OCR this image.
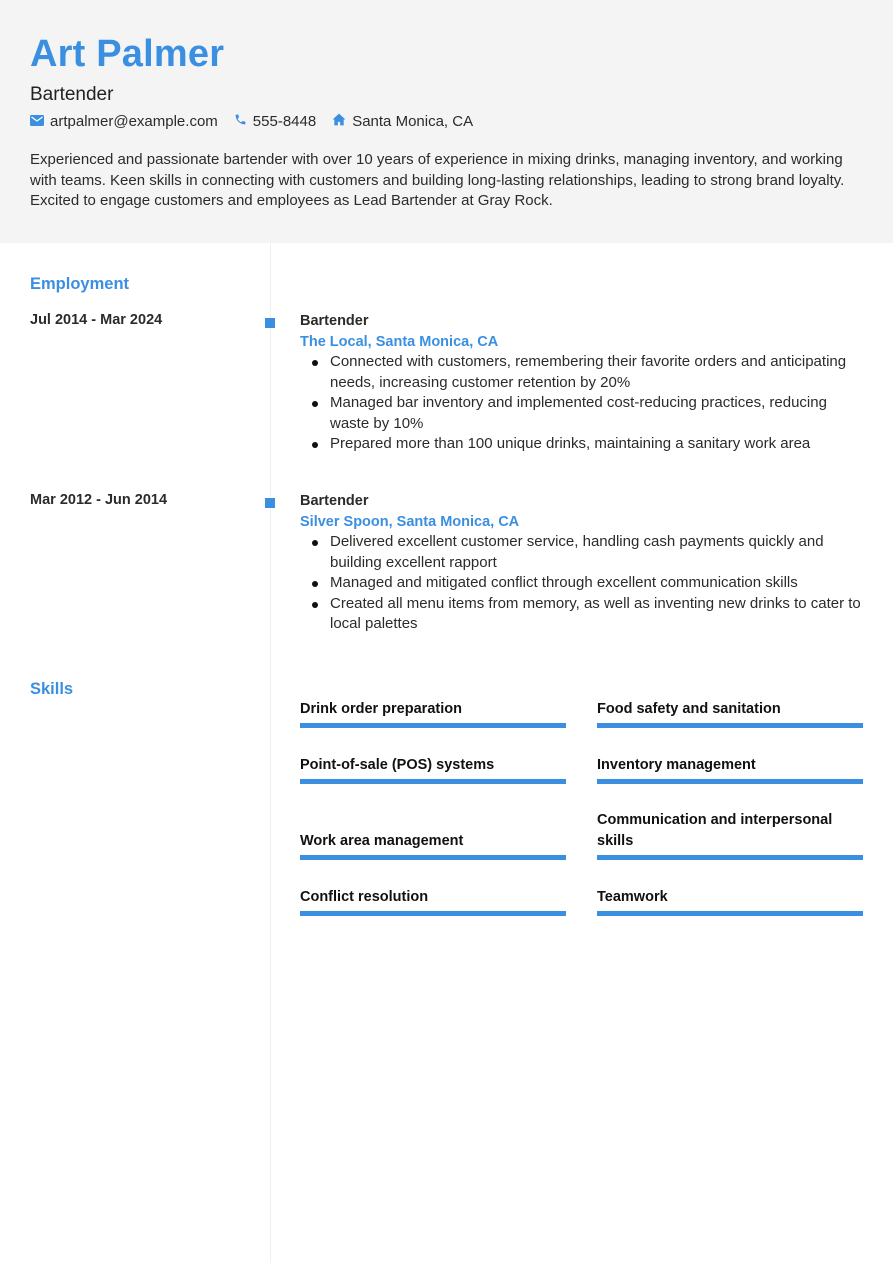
Art Palmer
Bartender
artpalmer@example.com 555-8448 Santa Monica, CA
Experienced and passionate bartender with over 10 years of experience in mixing drinks, managing inventory, and working with teams. Keen skills in connecting with customers and building long-lasting relationships, leading to strong brand loyalty. Excited to engage customers and employees as Lead Bartender at Gray Rock.
Employment
Jul 2014 - Mar 2024	Bartender
The Local, Santa Monica, CA
Connected with customers, remembering their favorite orders and anticipating needs, increasing customer retention by 20%
Managed bar inventory and implemented cost-reducing practices, reducing waste by 10%
Prepared more than 100 unique drinks, maintaining a sanitary work area
Mar 2012 - Jun 2014	Bartender
Silver Spoon, Santa Monica, CA
Delivered excellent customer service, handling cash payments quickly and building excellent rapport
Managed and mitigated conflict through excellent communication skills
Created all menu items from memory, as well as inventing new drinks to cater to local palettes
Skills
Drink order preparation	Food safety and sanitation
Point-of-sale (POS) systems	Inventory management
Work area management
Communication and interpersonal skills
Conflict resolution	Teamwork
